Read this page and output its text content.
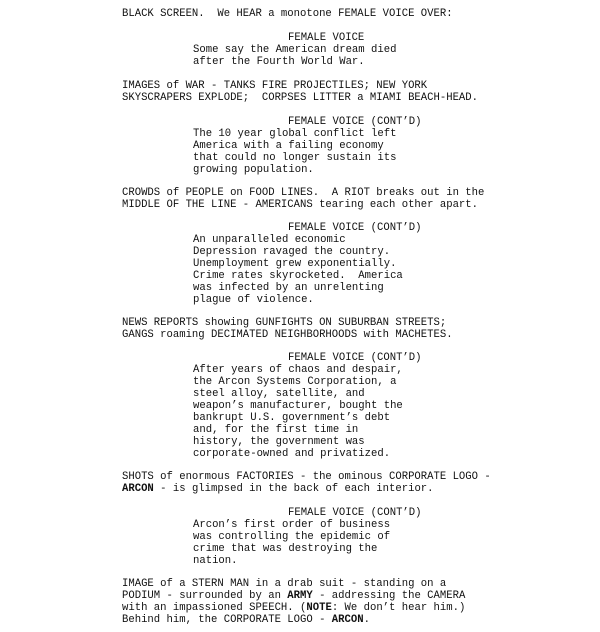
BLACK SCREEN.  We HEAR a monotone FEMALE VOICE OVER:
FEMALE VOICE
Some say the American dream died
after the Fourth World War.
IMAGES of WAR - TANKS FIRE PROJECTILES; NEW YORK
SKYSCRAPERS EXPLODE;  CORPSES LITTER a MIAMI BEACH-HEAD.
FEMALE VOICE (CONT’D)
The 10 year global conflict left
America with a failing economy
that could no longer sustain its
growing population.
CROWDS of PEOPLE on FOOD LINES.  A RIOT breaks out in the
MIDDLE OF THE LINE - AMERICANS tearing each other apart.
FEMALE VOICE (CONT’D)
An unparalleled economic
Depression ravaged the country.
Unemployment grew exponentially.
Crime rates skyrocketed.  America
was infected by an unrelenting
plague of violence.
NEWS REPORTS showing GUNFIGHTS ON SUBURBAN STREETS;
GANGS roaming DECIMATED NEIGHBORHOODS with MACHETES.
FEMALE VOICE (CONT’D)
After years of chaos and despair,
the Arcon Systems Corporation, a
steel alloy, satellite, and
weapon’s manufacturer, bought the
bankrupt U.S. government’s debt
and, for the first time in
history, the government was
corporate-owned and privatized.
SHOTS of enormous FACTORIES - the ominous CORPORATE LOGO -
ARCON - is glimpsed in the back of each interior.
FEMALE VOICE (CONT’D)
Arcon’s first order of business
was controlling the epidemic of
crime that was destroying the
nation.
IMAGE of a STERN MAN in a drab suit - standing on a
PODIUM - surrounded by an ARMY - addressing the CAMERA
with an impassioned SPEECH. (NOTE: We don’t hear him.)
Behind him, the CORPORATE LOGO - ARCON.
